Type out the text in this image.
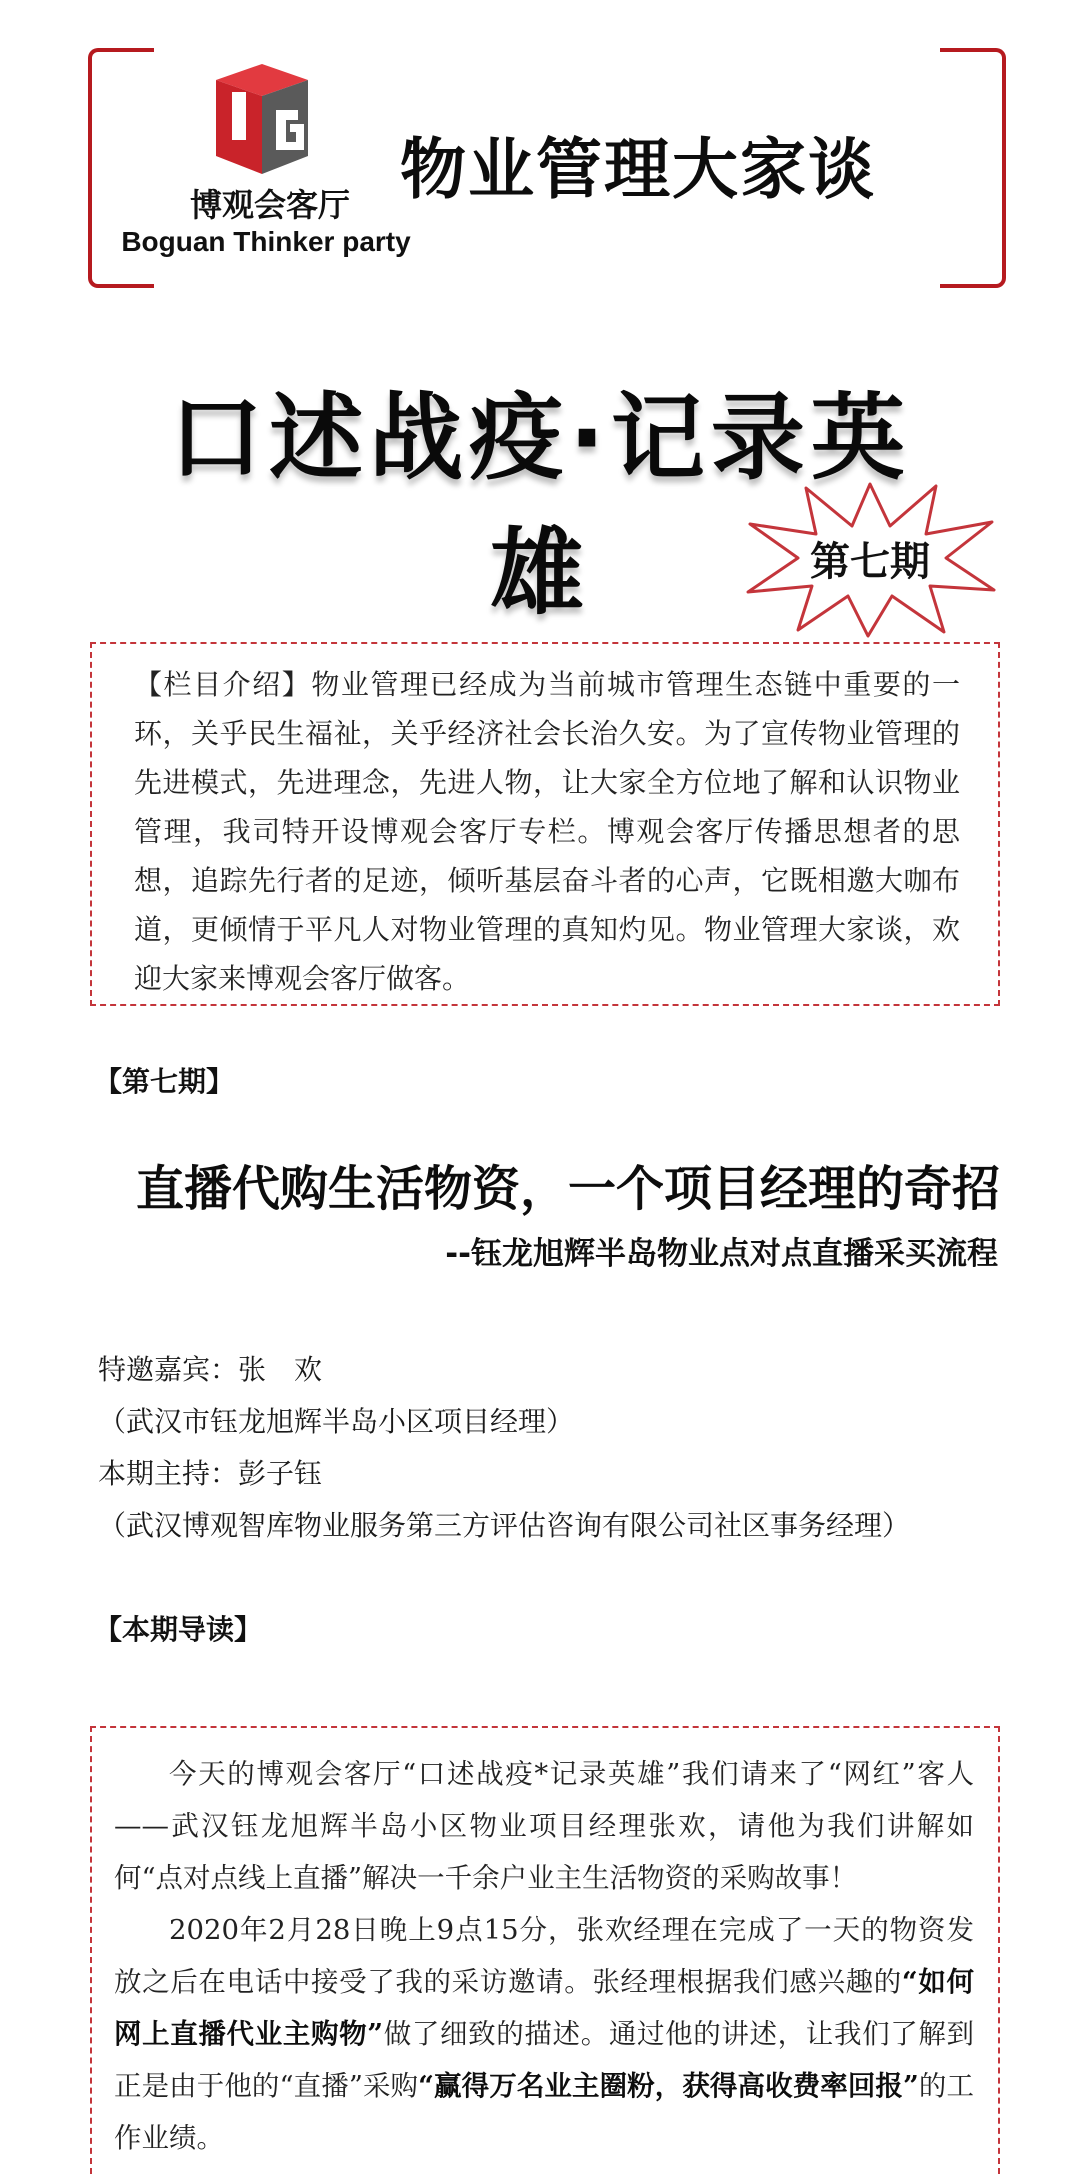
博观会客厅
Boguan Thinker party
物业管理大家谈
口述战疫·记录英雄	第七期
【栏目介绍】物业管理已经成为当前城市管理生态链中重要的一环，关乎民生福祉，关乎经济社会长治久安。为了宣传物业管理的先进模式，先进理念，先进人物，让大家全方位地了解和认识物业管理，我司特开设博观会客厅专栏。博观会客厅传播思想者的思想，追踪先行者的足迹，倾听基层奋斗者的心声，它既相邀大咖布道，更倾情于平凡人对物业管理的真知灼见。物业管理大家谈，欢迎大家来博观会客厅做客。
【第七期】
直播代购生活物资，一个项目经理的奇招
--钰龙旭辉半岛物业点对点直播采买流程
特邀嘉宾：张　欢
（武汉市钰龙旭辉半岛小区项目经理）
本期主持：彭子钰
（武汉博观智库物业服务第三方评估咨询有限公司社区事务经理）
【本期导读】

今天的博观会客厅“口述战疫*记录英雄”我们请来了“网红”客人——武汉钰龙旭辉半岛小区物业项目经理张欢，请他为我们讲解如何“点对点线上直播”解决一千余户业主生活物资的采购故事！

2020年2月28日晚上9点15分，张欢经理在完成了一天的物资发放之后在电话中接受了我的采访邀请。张经理根据我们感兴趣的“如何网上直播代业主购物”做了细致的描述。通过他的讲述，让我们了解到正是由于他的“直播”采购“赢得万名业主圈粉，获得高收费率回报”的工作业绩。
